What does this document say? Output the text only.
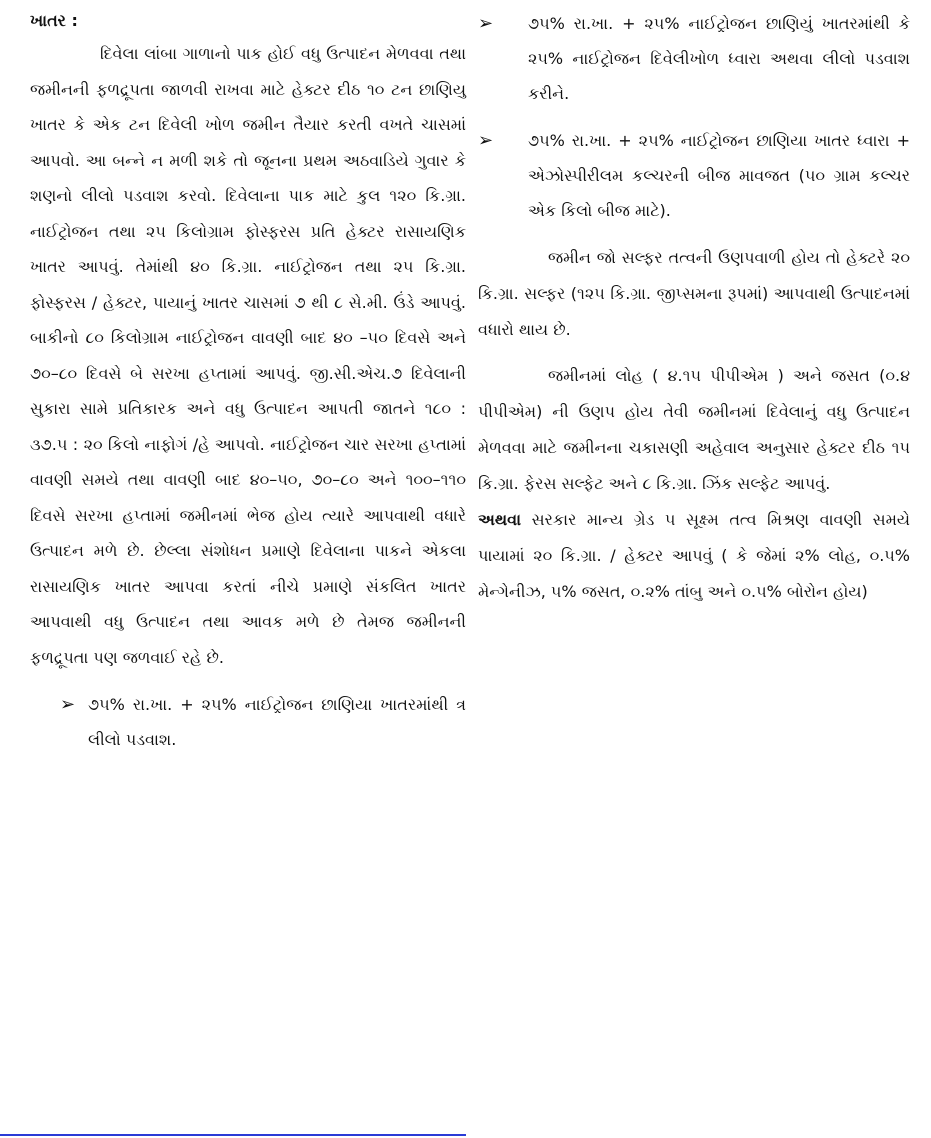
ખાતર :

દિવેલા લાંબા ગાળાનો પાક હોઈ વધુ ઉત્પાદન મેળવવા તથા જમીનની ફળદ્રૂપતા જાળવી રાખવા માટે હેક્ટર દીઠ ૧૦ ટન છાણિયુ ખાતર કે એક ટન દિવેલી ખોળ જમીન તૈયાર કરતી વખતે ચાસમાં આપવો. આ બન્ને ન મળી શકે તો જૂનના પ્રથમ અઠવાડિયે ગુવાર કે શણનો લીલો પડવાશ કરવો. દિવેલાના પાક માટે કુલ ૧૨૦ કિ.ગ્રા. નાઈટ્રોજન તથા ૨૫ કિલોગ્રામ ફોસ્ફરસ પ્રતિ હેક્ટર રાસાયણિક ખાતર આપવું. તેમાંથી ૪૦ કિ.ગ્રા. નાઈટ્રોજન તથા ૨૫ કિ.ગ્રા. ફોસ્ફરસ / હેક્ટર, પાયાનું ખાતર ચાસમાં ૭ થી ૮ સે.મી. ઉંડે આપવું. બાકીનો ૮૦ કિલોગ્રામ નાઈટ્રોજન વાવણી બાદ ૪૦ –૫૦ દિવસે અને ૭૦–૮૦ દિવસે બે સરખા હપ્તામાં આપવું. જી.સી.એચ.૭ દિવેલાની સુકારા સામે પ્રતિકારક અને વધુ ઉત્પાદન આપતી જાતને ૧૮૦ : ૩૭.૫ : ૨૦ કિલો નાફોગં /હે આપવો. નાઈટ્રોજન ચાર સરખા હપ્તામાં વાવણી સમયે તથા વાવણી બાદ ૪૦–૫૦, ૭૦–૮૦ અને ૧૦૦–૧૧૦ દિવસે સરખા હપ્તામાં જમીનમાં ભેજ હોય ત્યારે આપવાથી વધારે ઉત્પાદન મળે છે. છેલ્લા સંશોધન પ્રમાણે દિવેલાના પાકને એકલા રાસાયણિક ખાતર આપવા કરતાં નીચે પ્રમાણે સંકલિત ખાતર આપવાથી વધુ ઉત્પાદન તથા આવક મળે છે તેમજ જમીનની ફળદ્રૂપતા પણ જળવાઈ રહે છે.

➢ ૭૫% રા.ખા. + ૨૫% નાઈટ્રોજન છાણિયા ખાતરમાંથી ત્ર લીલો પડવાશ.
➢ ૭૫% રા.ખા. + ૨૫% નાઈટ્રોજન છાણિયું ખાતરમાંથી કે ૨૫% નાઈટ્રોજન દિવેલીખોળ ધ્વારા અથવા લીલો પડવાશ કરીને.
➢ ૭૫% રા.ખા. + ૨૫% નાઈટ્રોજન છાણિયા ખાતર ધ્વારા + એઝોસ્પીરીલમ કલ્ચરની બીજ માવજત (૫૦ ગ્રામ કલ્ચર એક કિલો બીજ માટે).

જમીન જો સલ્ફર તત્વની ઉણપવાળી હોય તો હેક્ટરે ૨૦ કિ.ગ્રા. સલ્ફર (૧૨૫ કિ.ગ્રા. જીપ્સમના રૂપમાં) આપવાથી ઉત્પાદનમાં વધારો થાય છે.

જમીનમાં લોહ ( ૪.૧૫ પીપીએમ ) અને જસત (૦.૪ પીપીએમ) ની ઉણપ હોય તેવી જમીનમાં દિવેલાનું વધુ ઉત્પાદન મેળવવા માટે જમીનના ચકાસણી અહેવાલ અનુસાર હેક્ટર દીઠ ૧૫ કિ.ગ્રા. ફેરસ સલ્ફેટ અને ૮ કિ.ગ્રા. ઝિંક સલ્ફેટ આપવું.

અથવા સરકાર માન્ય ગ્રેડ ૫ સૂક્ષ્મ તત્વ મિશ્રણ વાવણી સમયે પાયામાં ૨૦ કિ.ગ્રા. / હેક્ટર આપવું ( કે જેમાં ૨% લોહ, ૦.૫% મેન્ગેનીઝ, ૫% જસત, ૦.૨% તાંબુ અને ૦.૫% બોરોન હોય)
